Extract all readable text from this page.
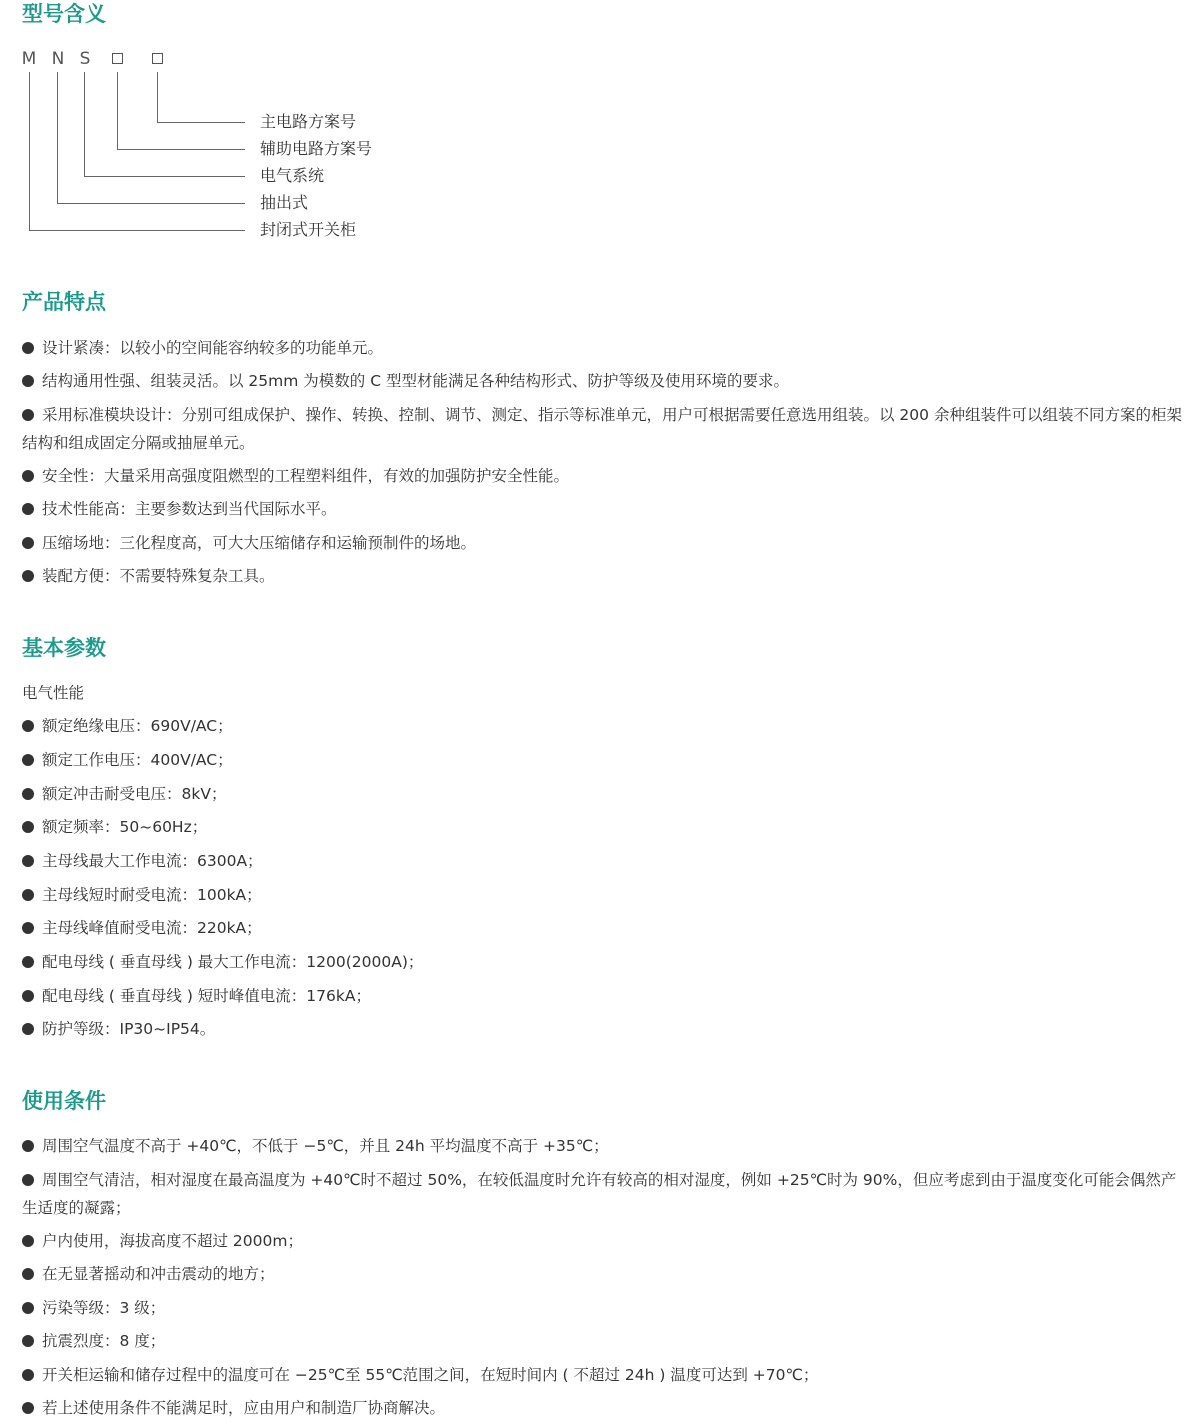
型号含义
M N S
主电路方案号
辅助电路方案号
电气系统
抽出式
封闭式开关柜
产品特点
设计紧凑：以较小的空间能容纳较多的功能单元。
结构通用性强、组装灵活。以 25mm 为模数的 C 型型材能满足各种结构形式、防护等级及使用环境的要求。
采用标准模块设计：分别可组成保护、操作、转换、控制、调节、测定、指示等标准单元，用户可根据需要任意选用组装。以 200 余种组装件可以组装不同方案的柜架结构和组成固定分隔或抽屉单元。
安全性：大量采用高强度阻燃型的工程塑料组件，有效的加强防护安全性能。
技术性能高：主要参数达到当代国际水平。
压缩场地：三化程度高，可大大压缩储存和运输预制件的场地。
装配方便：不需要特殊复杂工具。
基本参数
电气性能
额定绝缘电压：690V/AC；
额定工作电压：400V/AC；
额定冲击耐受电压：8kV；
额定频率：50~60Hz；
主母线最大工作电流：6300A；
主母线短时耐受电流：100kA；
主母线峰值耐受电流：220kA；
配电母线 ( 垂直母线 ) 最大工作电流：1200(2000A)；
配电母线 ( 垂直母线 ) 短时峰值电流：176kA；
防护等级：IP30~IP54。
使用条件
周围空气温度不高于 +40℃，不低于 −5℃，并且 24h 平均温度不高于 +35℃；
周围空气清洁，相对湿度在最高温度为 +40℃时不超过 50%，在较低温度时允许有较高的相对湿度，例如 +25℃时为 90%，但应考虑到由于温度变化可能会偶然产生适度的凝露；
户内使用，海拔高度不超过 2000m；
在无显著摇动和冲击震动的地方；
污染等级：3 级；
抗震烈度：8 度；
开关柜运输和储存过程中的温度可在 −25℃至 55℃范围之间，在短时间内 ( 不超过 24h ) 温度可达到 +70℃；
若上述使用条件不能满足时，应由用户和制造厂协商解决。
